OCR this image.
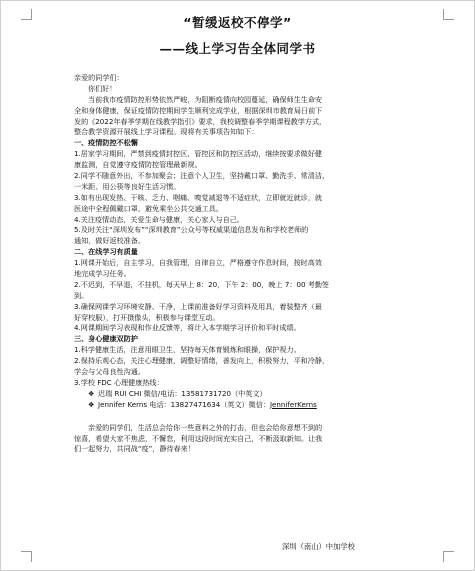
“暂缓返校不停学”
——线上学习告全体同学书
亲爱的同学们：
你们好！
当前我市疫情防控形势依然严峻，为阻断疫情向校园蔓延，确保师生生命安
全和身体健康，保证疫情防控期间学生顺利完成学业，根据深圳市教育局日前下
发的《2022年春季学期在线教学指引》要求，我校调整春季学期课程教学方式，
整合教学资源开展线上学习课程。现将有关事项告知如下：
一、疫情防控不松懈
1.居家学习期间，严禁到疫情封控区、管控区和防控区活动，继续按要求做好健
康监测，自觉遵守疫情防控管理最新规。
2.同学不随意外出，不参加聚会；注意个人卫生，坚持戴口罩、勤洗手、常清洁、
一米距、用公筷等良好生活习惯。
3.如有出现发热、干咳、乏力、咽痛、嗅觉减退等不适症状，立即就近就诊，就
医途中全程佩戴口罩，避免乘坐公共交通工具。
4.关注疫情动态，关爱生命与健康，关心家人与自己。
5.及时关注“深圳发布”“深圳教育”公众号等权威渠道信息发布和学校老师的
通知，做好返校准备。
二、在线学习有质量
1.网课开始后，自主学习，自我管理，自律自立，严格遵守作息时间，按时高效
地完成学习任务。
2.不迟到，不早退，不挂机，每天早上 8：20，下午 2：00，晚上 7：00 考勤签
到。
3.确保网课学习环境安静、干净，上课前准备好学习资料及用具，着装整齐（最
好穿校服），打开摄像头，积极参与课堂互动。
4.网课期间学习表现和作业反馈等，将计入本学期学习评价和平时成绩。
三、身心健康双防护
1.科学健康生活，注意用眼卫生，坚持每天体育锻炼和眼操，保护视力。
2.保持乐观心态，关注心理健康，调整好情绪，善发向上，积极努力，平和冷静，
学会与父母良性沟通。
3.学校 FDC 心理健康热线：
❖ 迟瑞 RUI CHI 微信/电话：13581731720（中英文）
❖ Jennifer Kerns 电话：13827471634（英文）微信：JenniferKerns
亲爱的同学们，生活总会给你一些意料之外的打击，但也会给你意想不到的
惊喜，希望大家不焦虑，不懈怠，利用这段时间充实自己，不断汲取新知。让我
们一起努力，共同战“疫”，静待春来！
深圳（南山）中加学校
